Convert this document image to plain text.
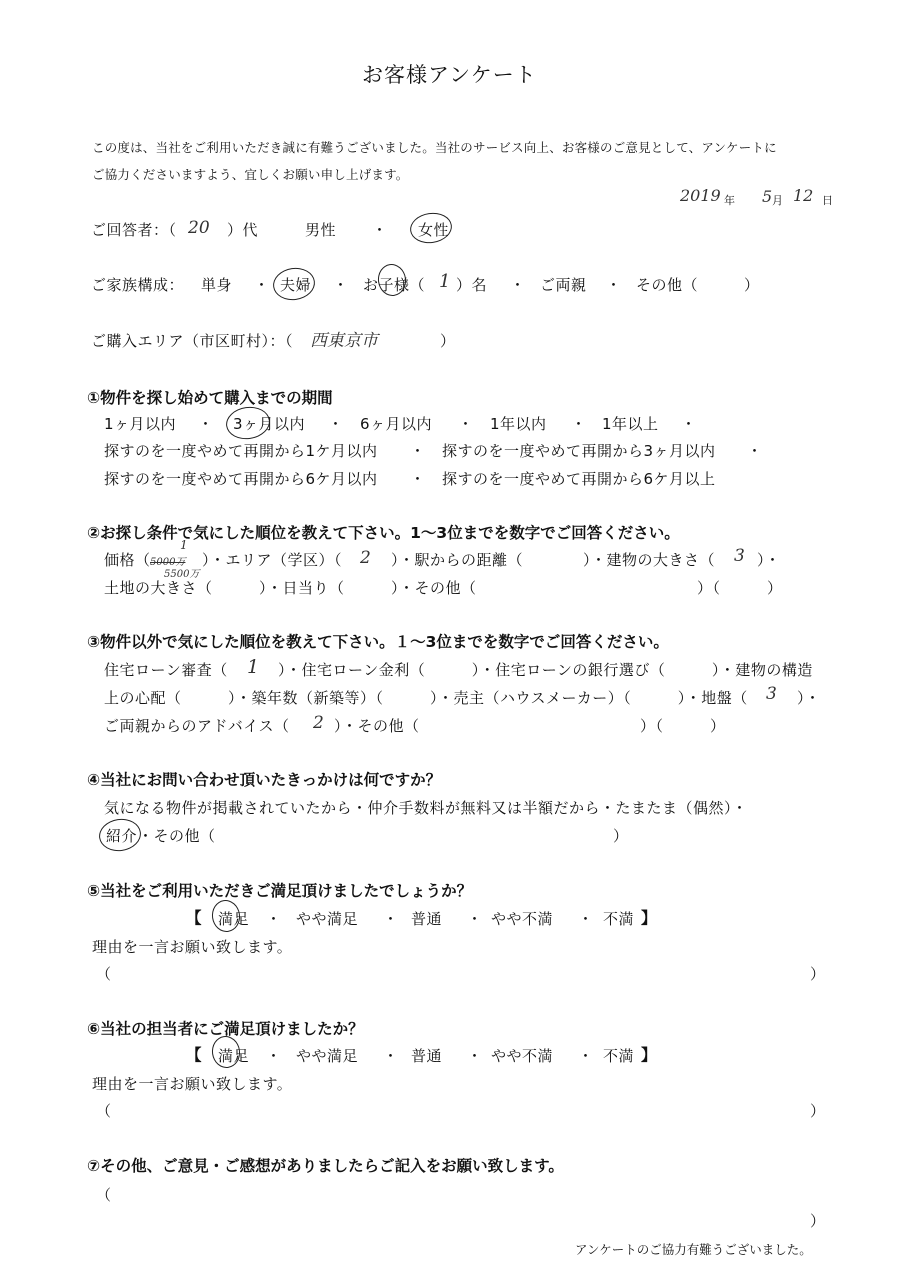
お客様アンケート
この度は、当社をご利用いただき誠に有難うございました。当社のサービス向上、お客様のご意見として、アンケートに
ご協力くださいますよう、宜しくお願い申し上げます。
2019 年 5 月 12 日
ご回答者：（ 20 ）代	男性 ・ 女性
ご家族構成： 単身 ・ 夫婦 ・ お子様（ 1 ）名 ・ ご両親 ・ その他（	）
ご購入エリア（市区町村）：（ 西東京市	）
①物件を探し始めて購入までの期間
1ヶ月以内 ・ 3ヶ月以内 ・ 6ヶ月以内 ・ 1年以内 ・ 1年以上 ・
探すのを一度やめて再開から1ケ月以内 ・ 探すのを一度やめて再開から3ヶ月以内 ・
探すのを一度やめて再開から6ケ月以内 ・ 探すのを一度やめて再開から6ケ月以上
②お探し条件で気にした順位を教えて下さい。1～3位までを数字でご回答ください。
価格（
1
5000万
5500万
）・エリア（学区）（ 2 ）・駅からの距離（	）・建物の大きさ（ 3 ）・
土地の大きさ（　　　）・日当り（　　　）・その他（	）（　　　）
③物件以外で気にした順位を教えて下さい。１～3位までを数字でご回答ください。
住宅ローン審査（ 1 ）・住宅ローン金利（　　　）・住宅ローンの銀行選び（　　　）・建物の構造
上の心配（　　　）・築年数（新築等）（　　　）・売主（ハウスメーカー）（　　　）・地盤（ 3 ）・
ご両親からのアドバイス（ 2 ）・その他（	）（　　　）
④当社にお問い合わせ頂いたきっかけは何ですか？
気になる物件が掲載されていたから・仲介手数料が無料又は半額だから・たまたま（偶然）・
紹介 ・その他（	）
⑤当社をご利用いただきご満足頂けましたでしょうか？
【 満足 ・ やや満足 ・ 普通 ・ やや不満 ・ 不満 】
理由を一言お願い致します。
（	）
⑥当社の担当者にご満足頂けましたか？
【 満足 ・ やや満足 ・ 普通 ・ やや不満 ・ 不満 】
理由を一言お願い致します。
（	）
⑦その他、ご意見・ご感想がありましたらご記入をお願い致します。
（
）
アンケートのご協力有難うございました。
